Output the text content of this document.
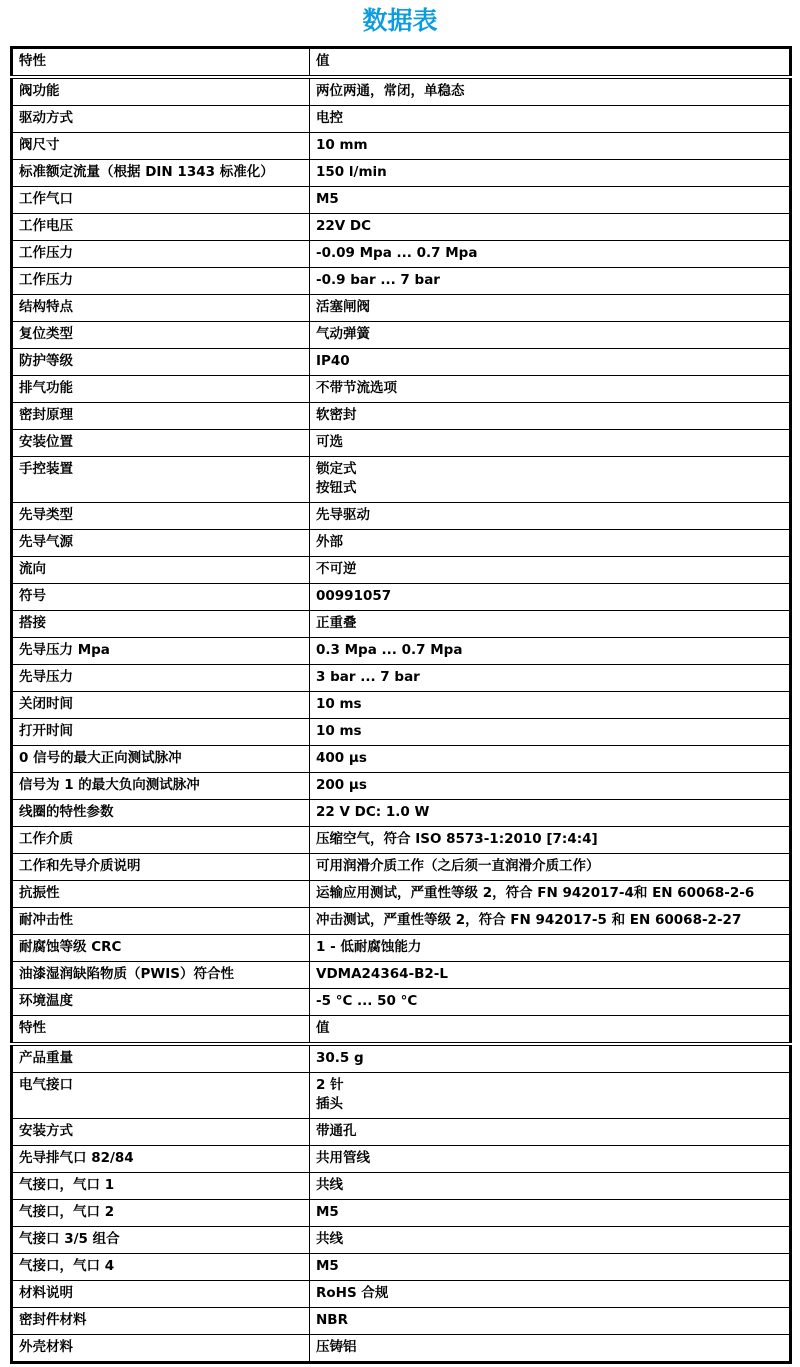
数据表
特性	值
阀功能	两位两通，常闭，单稳态
驱动方式	电控
阀尺寸	10 mm
标准额定流量（根据 DIN 1343 标准化）	150 l/min
工作气口	M5
工作电压	22V DC
工作压力	-0.09 Mpa ... 0.7 Mpa
工作压力	-0.9 bar ... 7 bar
结构特点	活塞闸阀
复位类型	气动弹簧
防护等级	IP40
排气功能	不带节流选项
密封原理	软密封
安装位置	可选
手控装置	锁定式
按钮式
先导类型	先导驱动
先导气源	外部
流向	不可逆
符号	00991057
搭接	正重叠
先导压力 Mpa	0.3 Mpa ... 0.7 Mpa
先导压力	3 bar ... 7 bar
关闭时间	10 ms
打开时间	10 ms
0 信号的最大正向测试脉冲	400 µs
信号为 1 的最大负向测试脉冲	200 µs
线圈的特性参数	22 V DC: 1.0 W
工作介质	压缩空气，符合 ISO 8573-1:2010 [7:4:4]
工作和先导介质说明	可用润滑介质工作（之后须一直润滑介质工作）
抗振性	运输应用测试，严重性等级 2，符合 FN 942017-4和 EN 60068-2-6
耐冲击性	冲击测试，严重性等级 2，符合 FN 942017-5 和 EN 60068-2-27
耐腐蚀等级 CRC	1 - 低耐腐蚀能力
油漆湿润缺陷物质（PWIS）符合性	VDMA24364-B2-L
环境温度	-5 °C ... 50 °C
特性	值
产品重量	30.5 g
电气接口	2 针
插头
安装方式	带通孔
先导排气口 82/84	共用管线
气接口，气口 1	共线
气接口，气口 2	M5
气接口 3/5 组合	共线
气接口，气口 4	M5
材料说明	RoHS 合规
密封件材料	NBR
外壳材料	压铸铝
